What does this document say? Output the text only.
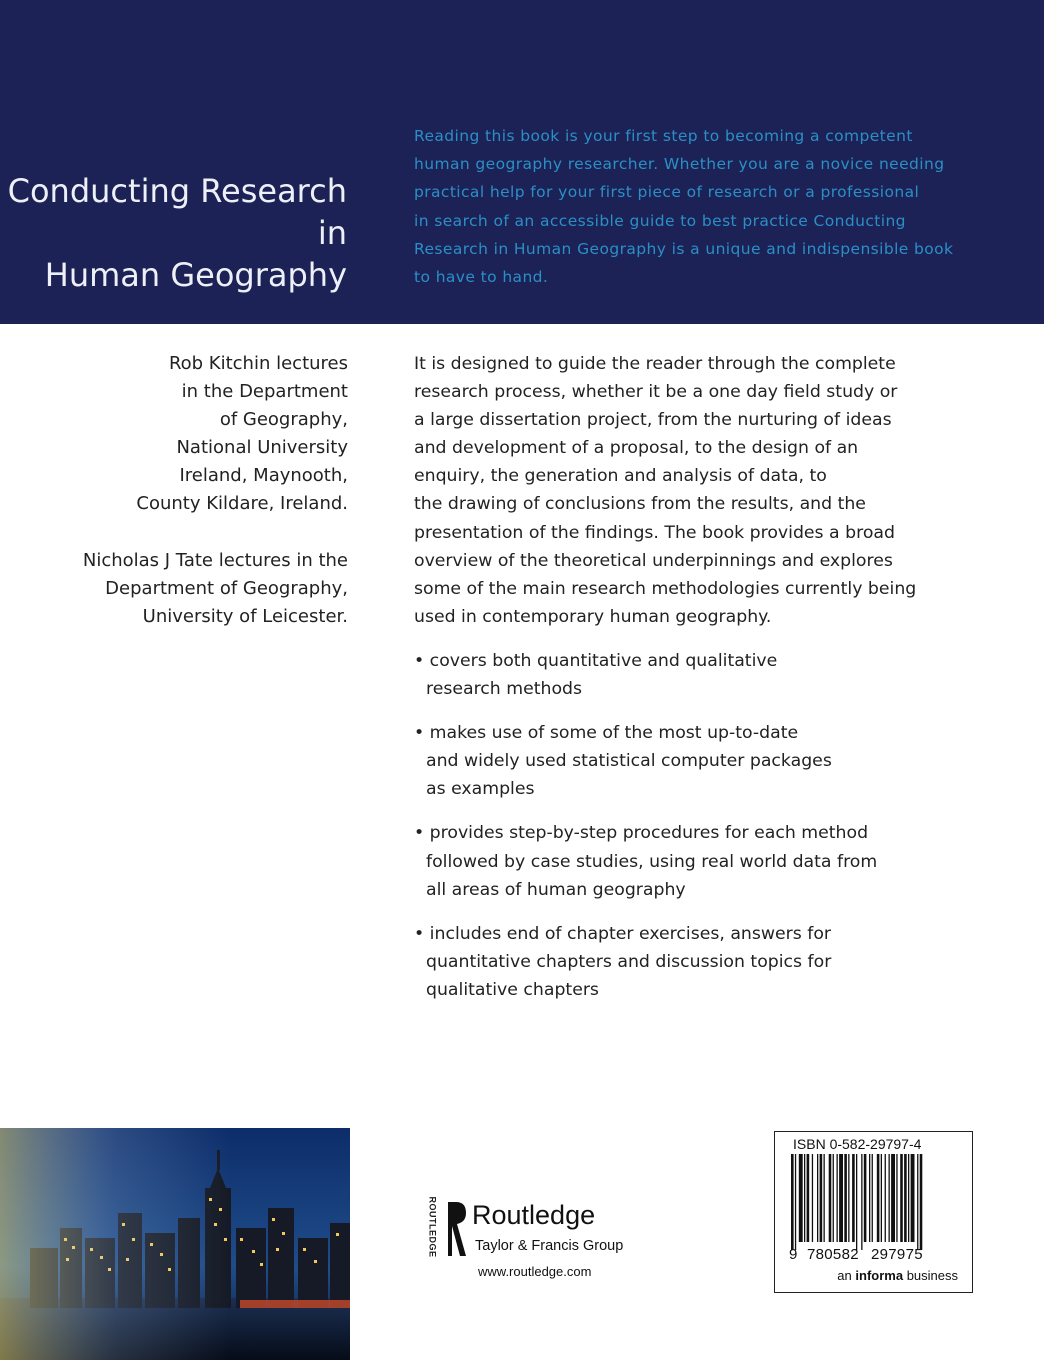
Conducting Research
in
Human Geography
Reading this book is your first step to becoming a competent
human geography researcher. Whether you are a novice needing
practical help for your first piece of research or a professional
in search of an accessible guide to best practice Conducting
Research in Human Geography is a unique and indispensible book
to have to hand.
Rob Kitchin lectures
in the Department
of Geography,
National University
Ireland, Maynooth,
County Kildare, Ireland.
Nicholas J Tate lectures in the
Department of Geography,
University of Leicester.
It is designed to guide the reader through the complete
research process, whether it be a one day field study or
a large dissertation project, from the nurturing of ideas
and development of a proposal, to the design of an
enquiry, the generation and analysis of data, to
the drawing of conclusions from the results, and the
presentation of the findings. The book provides a broad
overview of the theoretical underpinnings and explores
some of the main research methodologies currently being
used in contemporary human geography.
• covers both quantitative and qualitative
research methods
• makes use of some of the most up-to-date
and widely used statistical computer packages
as examples
• provides step-by-step procedures for each method
followed by case studies, using real world data from
all areas of human geography
• includes end of chapter exercises, answers for
quantitative chapters and discussion topics for
qualitative chapters
ROUTLEDGE Routledge
Taylor & Francis Group
www.routledge.com
ISBN 0-582-29797-4
9 780582 297975
an informa business
